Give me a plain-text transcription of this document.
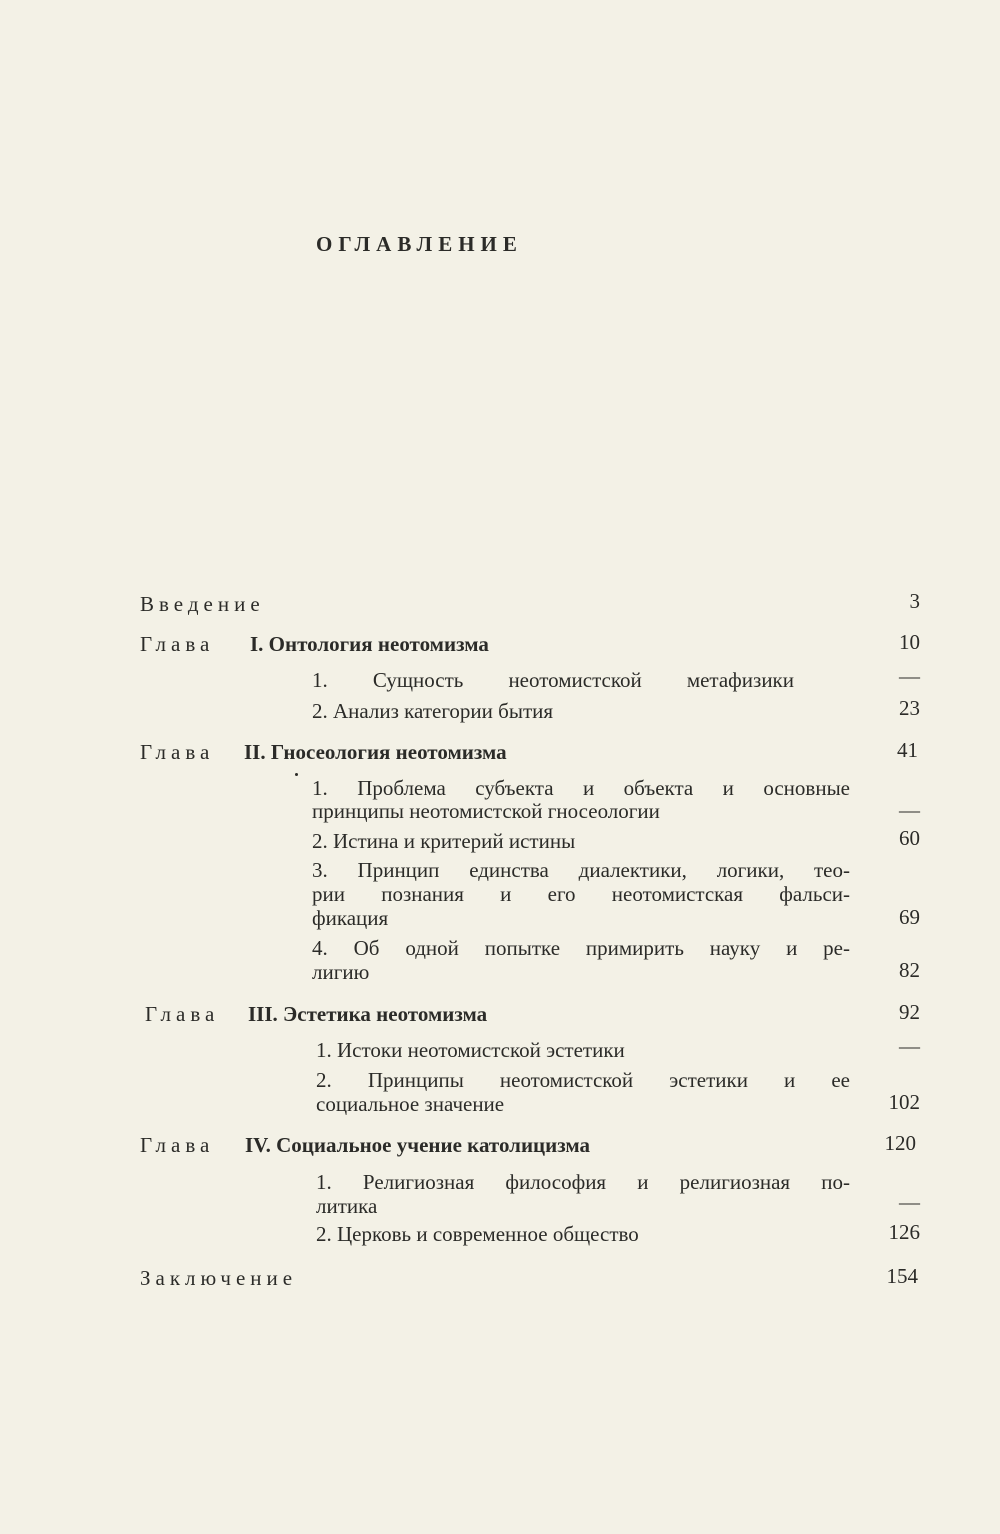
ОГЛАВЛЕНИЕ
Введение	3
Глава I. Онтология неотомизма	10
1. Сущность неотомистской метафизики	—
2. Анализ категории бытия	23
Глава II. Гносеология неотомизма	41
1. Проблема субъекта и объекта и основные
принципы неотомистской гносеологии	—
2. Истина и критерий истины	60
3. Принцип единства диалектики, логики, тео-
рии познания и его неотомистская фальси-
фикация	69
4. Об одной попытке примирить науку и ре-
лигию	82
Глава III. Эстетика неотомизма	92
1. Истоки неотомистской эстетики	—
2. Принципы неотомистской эстетики и ее
социальное значение	102
Глава IV. Социальное учение католицизма	120
1. Религиозная философия и религиозная по-
литика	—
2. Церковь и современное общество	126
Заключение	154
